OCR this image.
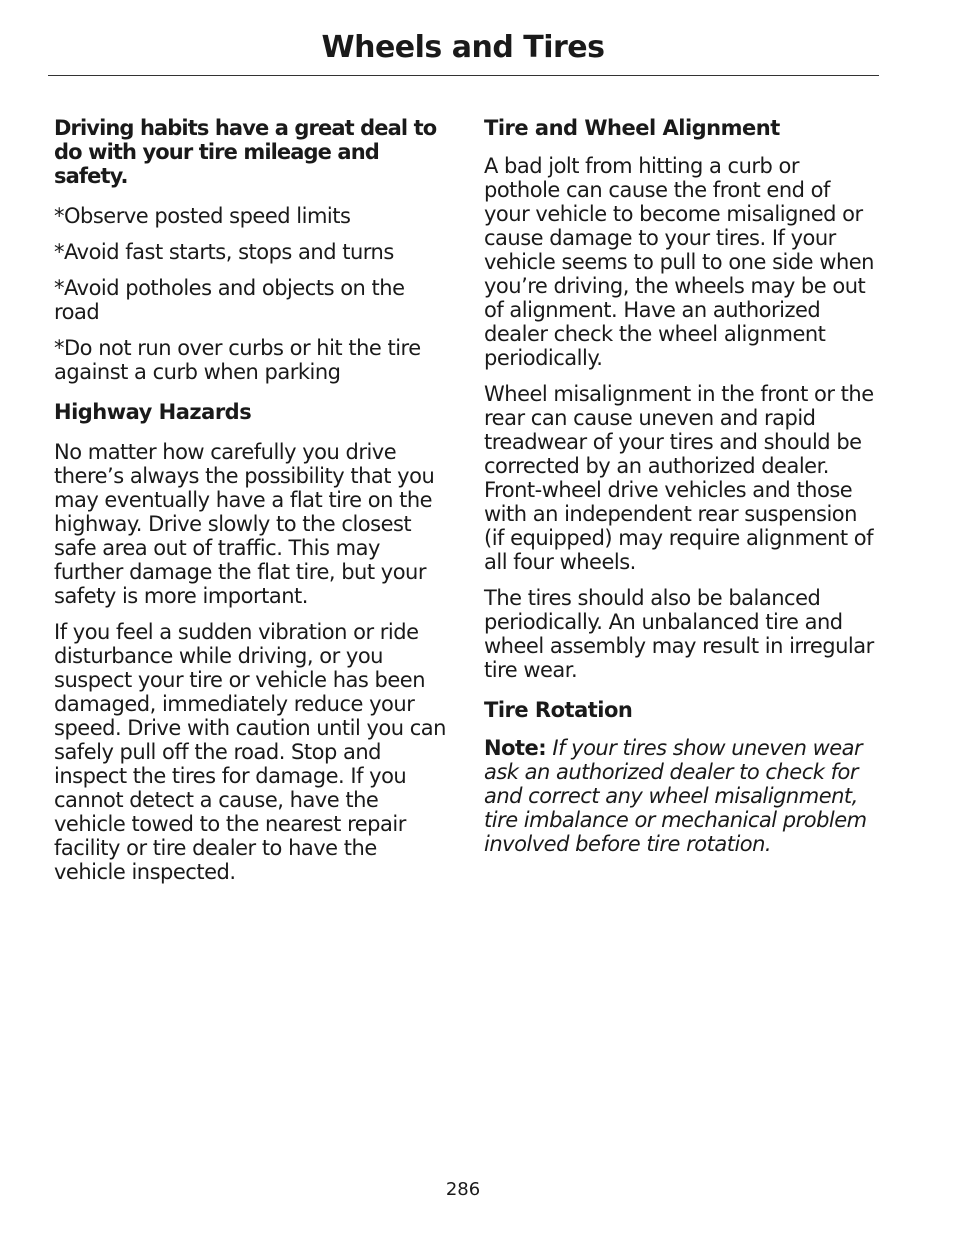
Wheels and Tires

Driving habits have a great deal to do with your tire mileage and safety.

*Observe posted speed limits

*Avoid fast starts, stops and turns

*Avoid potholes and objects on the road

*Do not run over curbs or hit the tire against a curb when parking

Highway Hazards

No matter how carefully you drive there’s always the possibility that you may eventually have a flat tire on the highway. Drive slowly to the closest safe area out of traffic. This may further damage the flat tire, but your safety is more important.

If you feel a sudden vibration or ride disturbance while driving, or you suspect your tire or vehicle has been damaged, immediately reduce your speed. Drive with caution until you can safely pull off the road. Stop and inspect the tires for damage. If you cannot detect a cause, have the vehicle towed to the nearest repair facility or tire dealer to have the vehicle inspected.

Tire and Wheel Alignment

A bad jolt from hitting a curb or pothole can cause the front end of your vehicle to become misaligned or cause damage to your tires. If your vehicle seems to pull to one side when you’re driving, the wheels may be out of alignment. Have an authorized dealer check the wheel alignment periodically.

Wheel misalignment in the front or the rear can cause uneven and rapid treadwear of your tires and should be corrected by an authorized dealer. Front-wheel drive vehicles and those with an independent rear suspension (if equipped) may require alignment of all four wheels.

The tires should also be balanced periodically. An unbalanced tire and wheel assembly may result in irregular tire wear.

Tire Rotation

Note: If your tires show uneven wear ask an authorized dealer to check for and correct any wheel misalignment, tire imbalance or mechanical problem involved before tire rotation.

286
